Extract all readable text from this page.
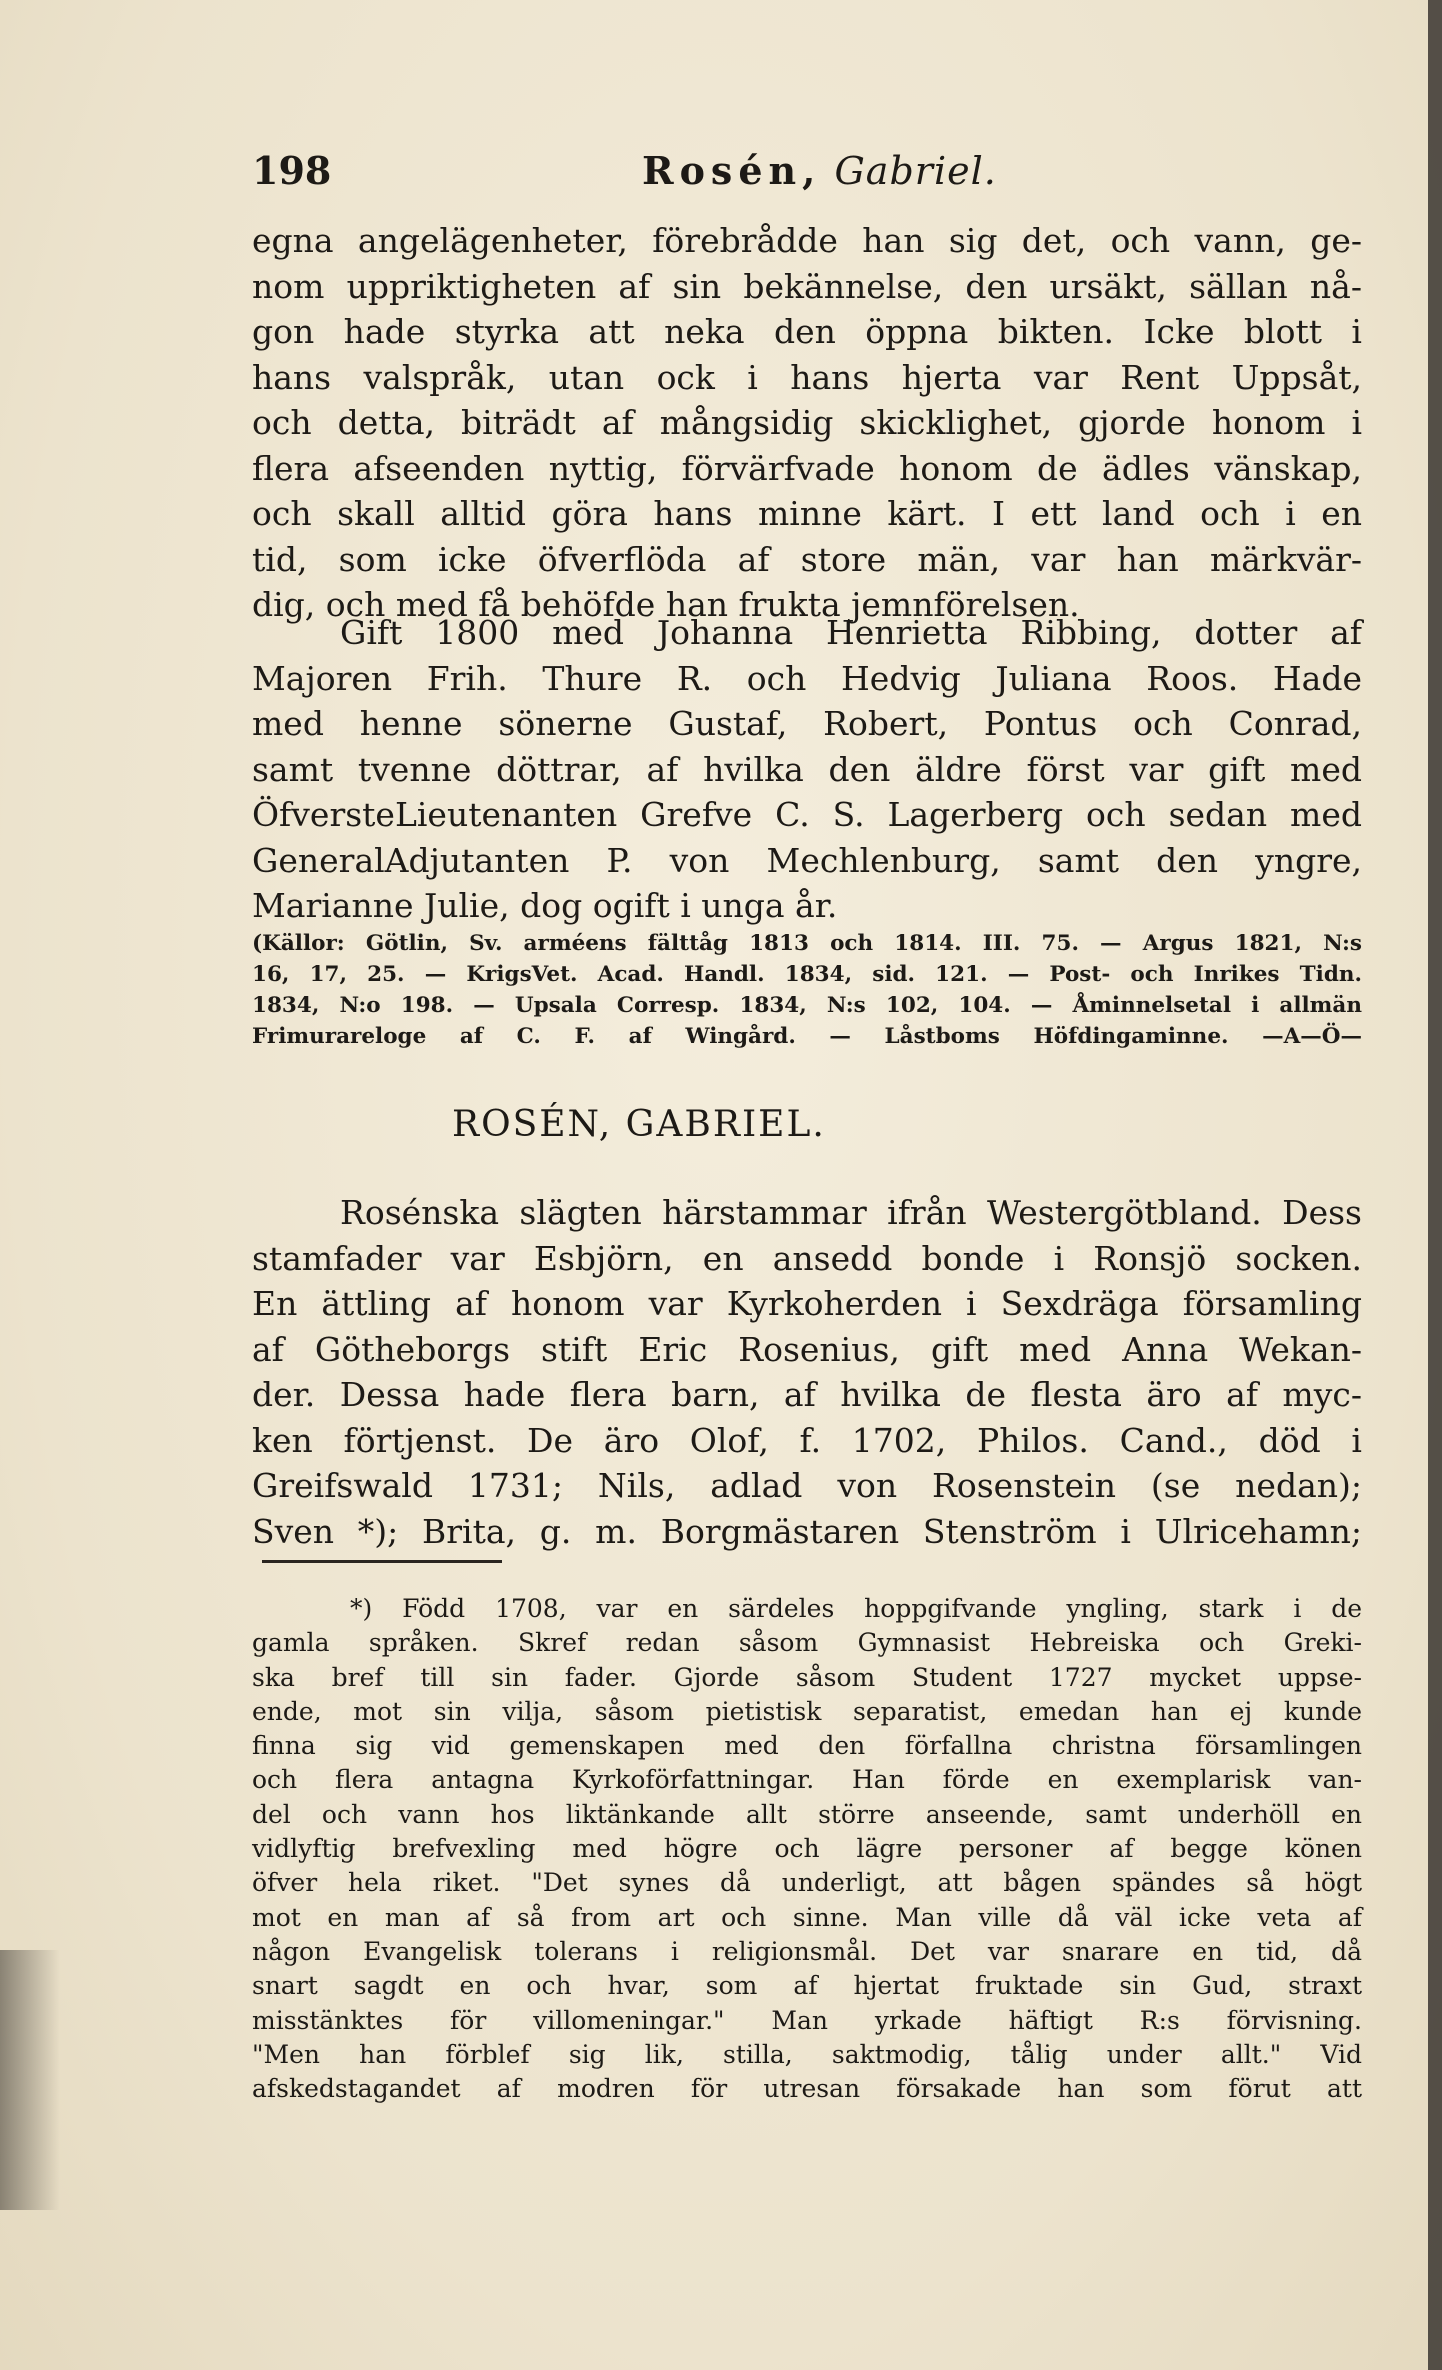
198	Rosén, Gabriel.
egna angelägenheter, förebrådde han sig det, och vann, ge-
nom uppriktigheten af sin bekännelse, den ursäkt, sällan nå-
gon hade styrka att neka den öppna bikten. Icke blott i
hans valspråk, utan ock i hans hjerta var Rent Uppsåt,
och detta, biträdt af mångsidig skicklighet, gjorde honom i
flera afseenden nyttig, förvärfvade honom de ädles vänskap,
och skall alltid göra hans minne kärt. I ett land och i en
tid, som icke öfverflöda af store män, var han märkvär-
dig, och med få behöfde han frukta jemnförelsen.
Gift 1800 med Johanna Henrietta Ribbing, dotter af
Majoren Frih. Thure R. och Hedvig Juliana Roos. Hade
med henne sönerne Gustaf, Robert, Pontus och Conrad,
samt tvenne döttrar, af hvilka den äldre först var gift med
ÖfversteLieutenanten Grefve C. S. Lagerberg och sedan med
GeneralAdjutanten P. von Mechlenburg, samt den yngre,
Marianne Julie, dog ogift i unga år.
(Källor: Götlin, Sv. arméens fälttåg 1813 och 1814. III. 75. — Argus 1821, N:s
16, 17, 25. — KrigsVet. Acad. Handl. 1834, sid. 121. — Post- och Inrikes Tidn.
1834, N:o 198. — Upsala Corresp. 1834, N:s 102, 104. — Åminnelsetal i allmän
Frimurareloge af C. F. af Wingård. — Låstboms Höfdingaminne. —A—Ö—
ROSÉN, GABRIEL.
Rosénska slägten härstammar ifrån Westergötbland. Dess
stamfader var Esbjörn, en ansedd bonde i Ronsjö socken.
En ättling af honom var Kyrkoherden i Sexdräga församling
af Götheborgs stift Eric Rosenius, gift med Anna Wekan-
der. Dessa hade flera barn, af hvilka de flesta äro af myc-
ken förtjenst. De äro Olof, f. 1702, Philos. Cand., död i
Greifswald 1731; Nils, adlad von Rosenstein (se nedan);
Sven *); Brita, g. m. Borgmästaren Stenström i Ulricehamn;
*) Född 1708, var en särdeles hoppgifvande yngling, stark i de
gamla språken. Skref redan såsom Gymnasist Hebreiska och Greki-
ska bref till sin fader. Gjorde såsom Student 1727 mycket uppse-
ende, mot sin vilja, såsom pietistisk separatist, emedan han ej kunde
finna sig vid gemenskapen med den förfallna christna församlingen
och flera antagna Kyrkoförfattningar. Han förde en exemplarisk van-
del och vann hos liktänkande allt större anseende, samt underhöll en
vidlyftig brefvexling med högre och lägre personer af begge könen
öfver hela riket. "Det synes då underligt, att bågen spändes så högt
mot en man af så from art och sinne. Man ville då väl icke veta af
någon Evangelisk tolerans i religionsmål. Det var snarare en tid, då
snart sagdt en och hvar, som af hjertat fruktade sin Gud, straxt
misstänktes för villomeningar." Man yrkade häftigt R:s förvisning.
"Men han förblef sig lik, stilla, saktmodig, tålig under allt." Vid
afskedstagandet af modren för utresan försakade han som förut att
